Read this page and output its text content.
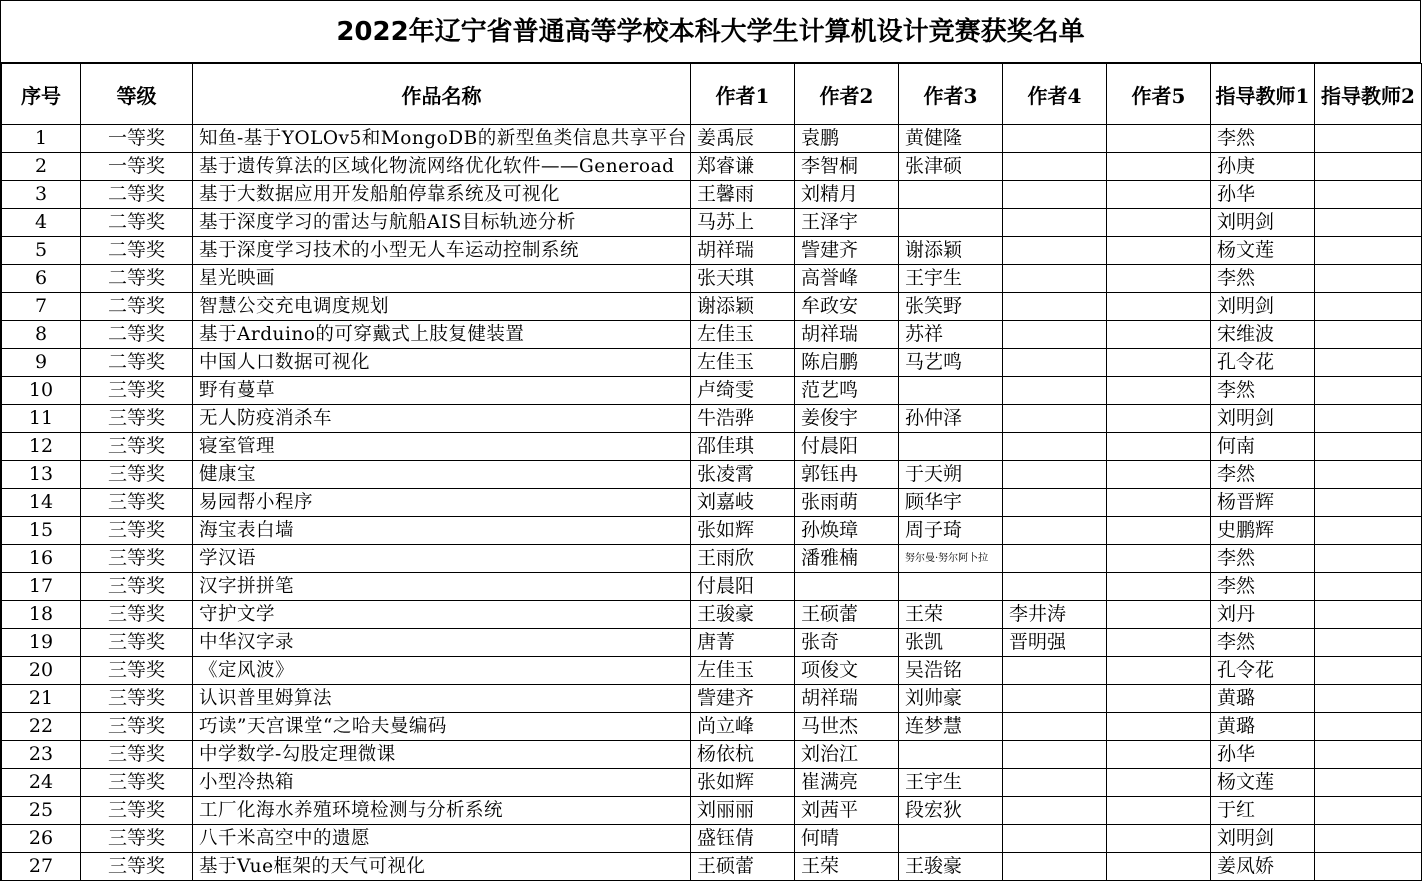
2022年辽宁省普通高等学校本科大学生计算机设计竞赛获奖名单
序号	等级	作品名称	作者1	作者2	作者3	作者4	作者5	指导教师1	指导教师2
1	一等奖	知鱼-基于YOLOv5和MongoDB的新型鱼类信息共享平台	姜禹辰	袁鹏	黄健隆			李然	
2	一等奖	基于遗传算法的区域化物流网络优化软件——Generoad	郑睿谦	李智桐	张津硕			孙庚	
3	二等奖	基于大数据应用开发船舶停靠系统及可视化	王馨雨	刘精月				孙华	
4	二等奖	基于深度学习的雷达与航船AIS目标轨迹分析	马苏上	王泽宇				刘明剑	
5	二等奖	基于深度学习技术的小型无人车运动控制系统	胡祥瑞	訾建齐	谢添颖			杨文莲	
6	二等奖	星光映画	张天琪	高誉峰	王宇生			李然	
7	二等奖	智慧公交充电调度规划	谢添颖	牟政安	张笑野			刘明剑	
8	二等奖	基于Arduino的可穿戴式上肢复健装置	左佳玉	胡祥瑞	苏祥			宋维波	
9	二等奖	中国人口数据可视化	左佳玉	陈启鹏	马艺鸣			孔令花	
10	三等奖	野有蔓草	卢绮雯	范艺鸣				李然	
11	三等奖	无人防疫消杀车	牛浩骅	姜俊宇	孙仲泽			刘明剑	
12	三等奖	寝室管理	邵佳琪	付晨阳				何南	
13	三等奖	健康宝	张凌霄	郭钰冉	于天朔			李然	
14	三等奖	易园帮小程序	刘嘉岐	张雨萌	顾华宇			杨晋辉	
15	三等奖	海宝表白墙	张如辉	孙焕璋	周子琦			史鹏辉	
16	三等奖	学汉语	王雨欣	潘雅楠	努尔曼·努尔阿卜拉			李然	
17	三等奖	汉字拼拼笔	付晨阳					李然	
18	三等奖	守护文学	王骏豪	王硕蕾	王荣	李井涛		刘丹	
19	三等奖	中华汉字录	唐菁	张奇	张凯	晋明强		李然	
20	三等奖	《定风波》	左佳玉	项俊文	吴浩铭			孔令花	
21	三等奖	认识普里姆算法	訾建齐	胡祥瑞	刘帅豪			黄璐	
22	三等奖	巧读”天宫课堂“之哈夫曼编码	尚立峰	马世杰	连梦慧			黄璐	
23	三等奖	中学数学-勾股定理微课	杨依杭	刘治江				孙华	
24	三等奖	小型冷热箱	张如辉	崔满亮	王宇生			杨文莲	
25	三等奖	工厂化海水养殖环境检测与分析系统	刘丽丽	刘茜平	段宏狄			于红	
26	三等奖	八千米高空中的遗愿	盛钰倩	何晴				刘明剑	
27	三等奖	基于Vue框架的天气可视化	王硕蕾	王荣	王骏豪			姜凤娇	
